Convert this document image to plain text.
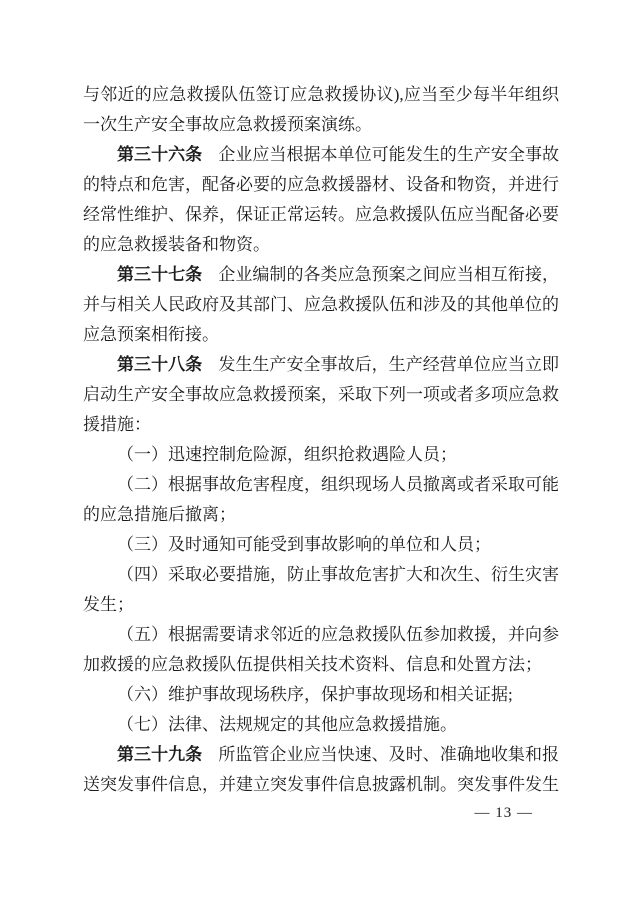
与邻近的应急救援队伍签订应急救援协议),应当至少每半年组织一次生产安全事故应急救援预案演练。

第三十六条 企业应当根据本单位可能发生的生产安全事故的特点和危害，配备必要的应急救援器材、设备和物资，并进行经常性维护、保养，保证正常运转。应急救援队伍应当配备必要的应急救援装备和物资。

第三十七条 企业编制的各类应急预案之间应当相互衔接，并与相关人民政府及其部门、应急救援队伍和涉及的其他单位的应急预案相衔接。

第三十八条 发生生产安全事故后，生产经营单位应当立即启动生产安全事故应急救援预案，采取下列一项或者多项应急救援措施：

（一）迅速控制危险源，组织抢救遇险人员；

（二）根据事故危害程度，组织现场人员撤离或者采取可能的应急措施后撤离；

（三）及时通知可能受到事故影响的单位和人员；

（四）采取必要措施，防止事故危害扩大和次生、衍生灾害发生；

（五）根据需要请求邻近的应急救援队伍参加救援，并向参加救援的应急救援队伍提供相关技术资料、信息和处置方法；

（六）维护事故现场秩序，保护事故现场和相关证据;

（七）法律、法规规定的其他应急救援措施。

第三十九条 所监管企业应当快速、及时、准确地收集和报送突发事件信息，并建立突发事件信息披露机制。突发事件发生

— 13 —
